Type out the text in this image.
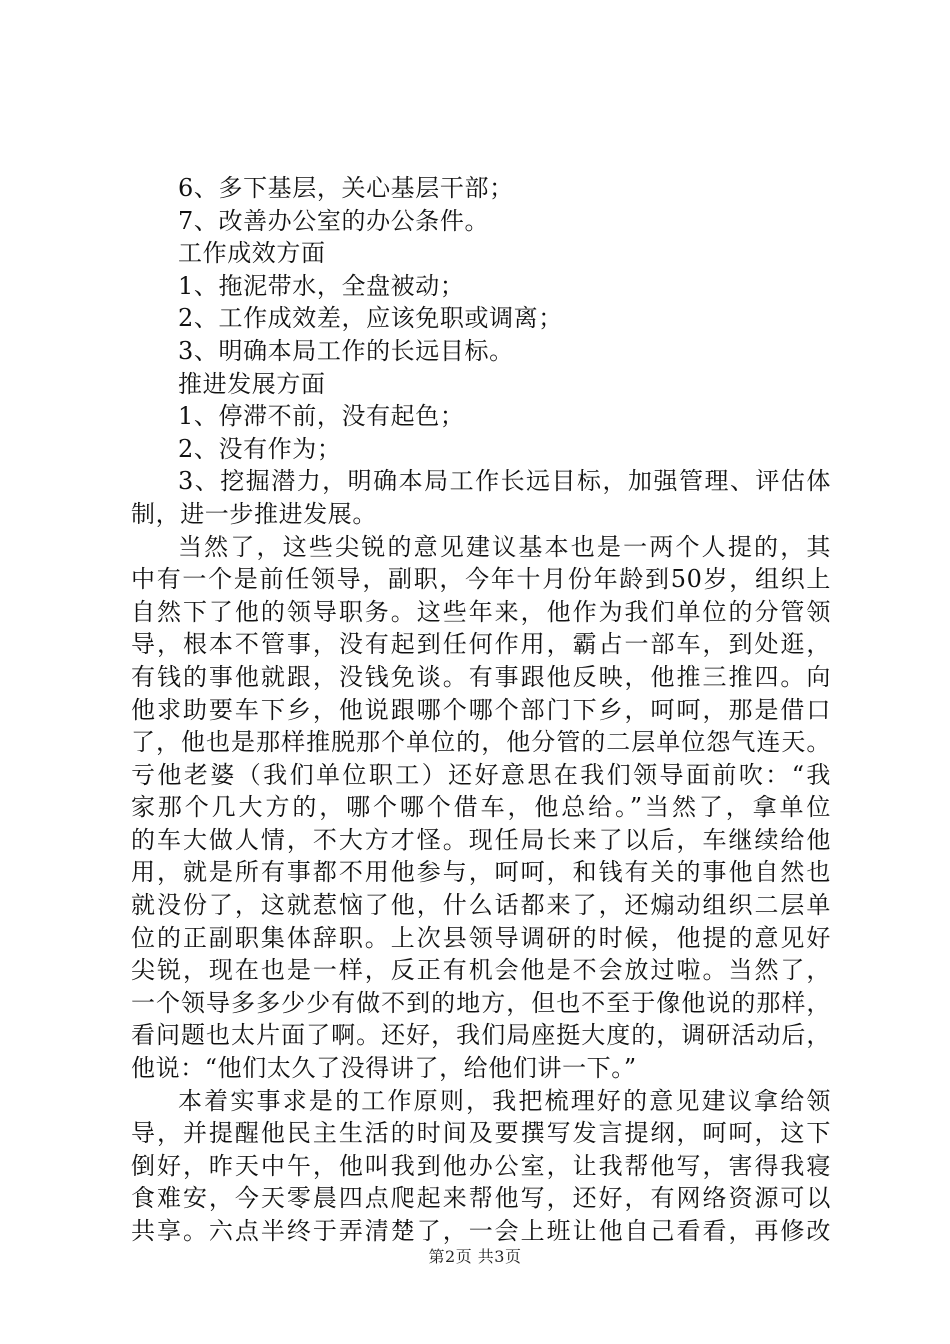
6、多下基层，关心基层干部；
7、改善办公室的办公条件。
工作成效方面
1、拖泥带水，全盘被动；
2、工作成效差，应该免职或调离；
3、明确本局工作的长远目标。
推进发展方面
1、停滞不前，没有起色；
2、没有作为；
3、挖掘潜力，明确本局工作长远目标，加强管理、评估体
制，进一步推进发展。
当然了，这些尖锐的意见建议基本也是一两个人提的，其
中有一个是前任领导，副职，今年十月份年龄到50岁，组织上
自然下了他的领导职务。这些年来，他作为我们单位的分管领
导，根本不管事，没有起到任何作用，霸占一部车，到处逛，
有钱的事他就跟，没钱免谈。有事跟他反映，他推三推四。向
他求助要车下乡，他说跟哪个哪个部门下乡，呵呵，那是借口
了，他也是那样推脱那个单位的，他分管的二层单位怨气连天。
亏他老婆（我们单位职工）还好意思在我们领导面前吹：“我
家那个几大方的，哪个哪个借车，他总给。”当然了，拿单位
的车大做人情，不大方才怪。现任局长来了以后，车继续给他
用，就是所有事都不用他参与，呵呵，和钱有关的事他自然也
就没份了，这就惹恼了他，什么话都来了，还煽动组织二层单
位的正副职集体辞职。上次县领导调研的时候，他提的意见好
尖锐，现在也是一样，反正有机会他是不会放过啦。当然了，
一个领导多多少少有做不到的地方，但也不至于像他说的那样，
看问题也太片面了啊。还好，我们局座挺大度的，调研活动后，
他说：“他们太久了没得讲了，给他们讲一下。”
本着实事求是的工作原则，我把梳理好的意见建议拿给领
导，并提醒他民主生活的时间及要撰写发言提纲，呵呵，这下
倒好，昨天中午，他叫我到他办公室，让我帮他写，害得我寝
食难安，今天零晨四点爬起来帮他写，还好，有网络资源可以
共享。六点半终于弄清楚了，一会上班让他自己看看，再修改
第2页 共3页
